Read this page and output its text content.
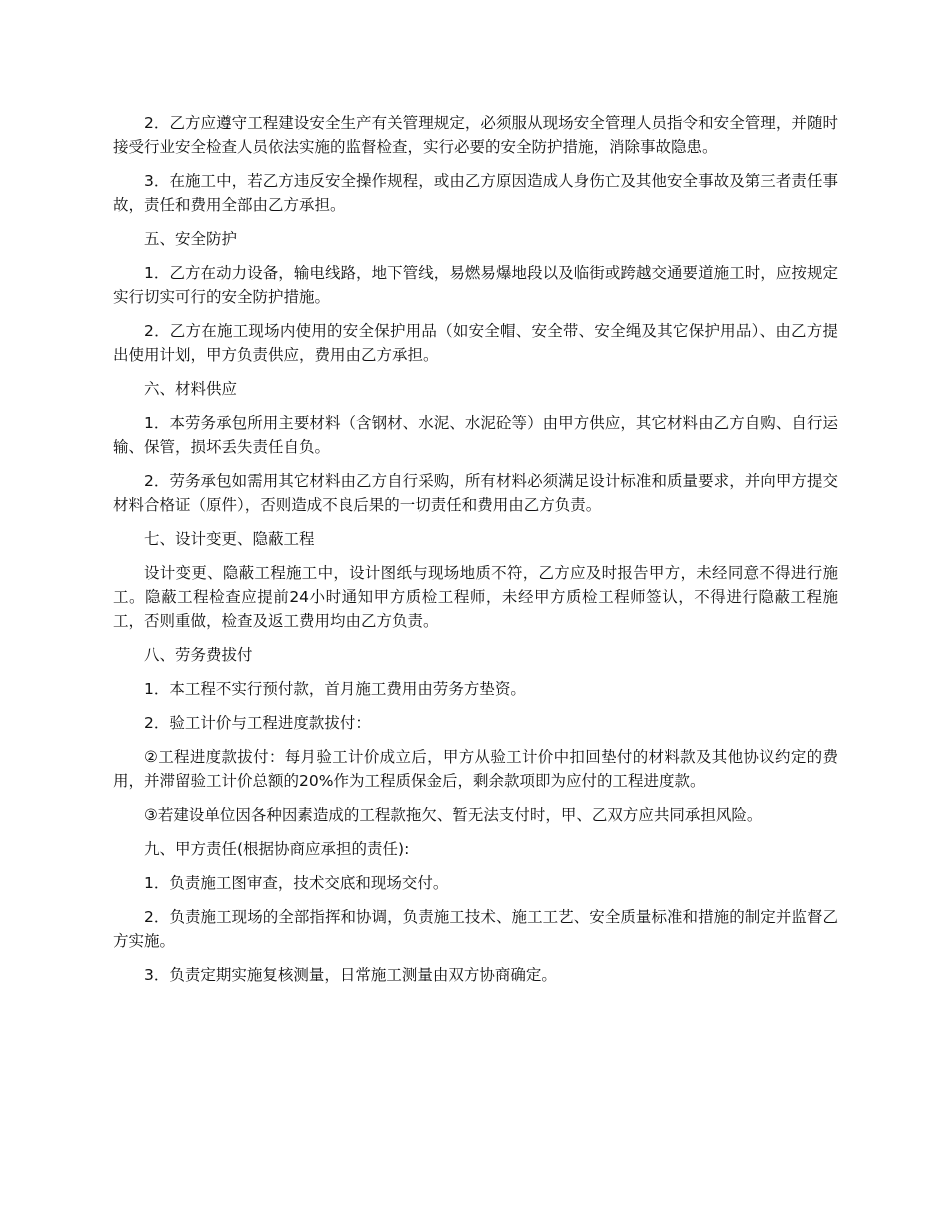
2．乙方应遵守工程建设安全生产有关管理规定，必须服从现场安全管理人员指令和安全管理，并随时接受行业安全检查人员依法实施的监督检查，实行必要的安全防护措施，消除事故隐患。

3．在施工中，若乙方违反安全操作规程，或由乙方原因造成人身伤亡及其他安全事故及第三者责任事故，责任和费用全部由乙方承担。

五、安全防护

1．乙方在动力设备，输电线路，地下管线，易燃易爆地段以及临街或跨越交通要道施工时，应按规定实行切实可行的安全防护措施。

2．乙方在施工现场内使用的安全保护用品（如安全帽、安全带、安全绳及其它保护用品）、由乙方提出使用计划，甲方负责供应，费用由乙方承担。

六、材料供应

1．本劳务承包所用主要材料（含钢材、水泥、水泥砼等）由甲方供应，其它材料由乙方自购、自行运输、保管，损坏丢失责任自负。

2．劳务承包如需用其它材料由乙方自行采购，所有材料必须满足设计标准和质量要求，并向甲方提交材料合格证（原件），否则造成不良后果的一切责任和费用由乙方负责。

七、设计变更、隐蔽工程

设计变更、隐蔽工程施工中，设计图纸与现场地质不符，乙方应及时报告甲方，未经同意不得进行施工。隐蔽工程检查应提前24小时通知甲方质检工程师，未经甲方质检工程师签认，不得进行隐蔽工程施工，否则重做，检查及返工费用均由乙方负责。

八、劳务费拔付

1．本工程不实行预付款，首月施工费用由劳务方垫资。

2．验工计价与工程进度款拔付：

②工程进度款拔付：每月验工计价成立后，甲方从验工计价中扣回垫付的材料款及其他协议约定的费用，并滞留验工计价总额的20%作为工程质保金后，剩余款项即为应付的工程进度款。

③若建设单位因各种因素造成的工程款拖欠、暂无法支付时，甲、乙双方应共同承担风险。

九、甲方责任(根据协商应承担的责任):

1．负责施工图审查，技术交底和现场交付。

2．负责施工现场的全部指挥和协调，负责施工技术、施工工艺、安全质量标准和措施的制定并监督乙方实施。

3．负责定期实施复核测量，日常施工测量由双方协商确定。
